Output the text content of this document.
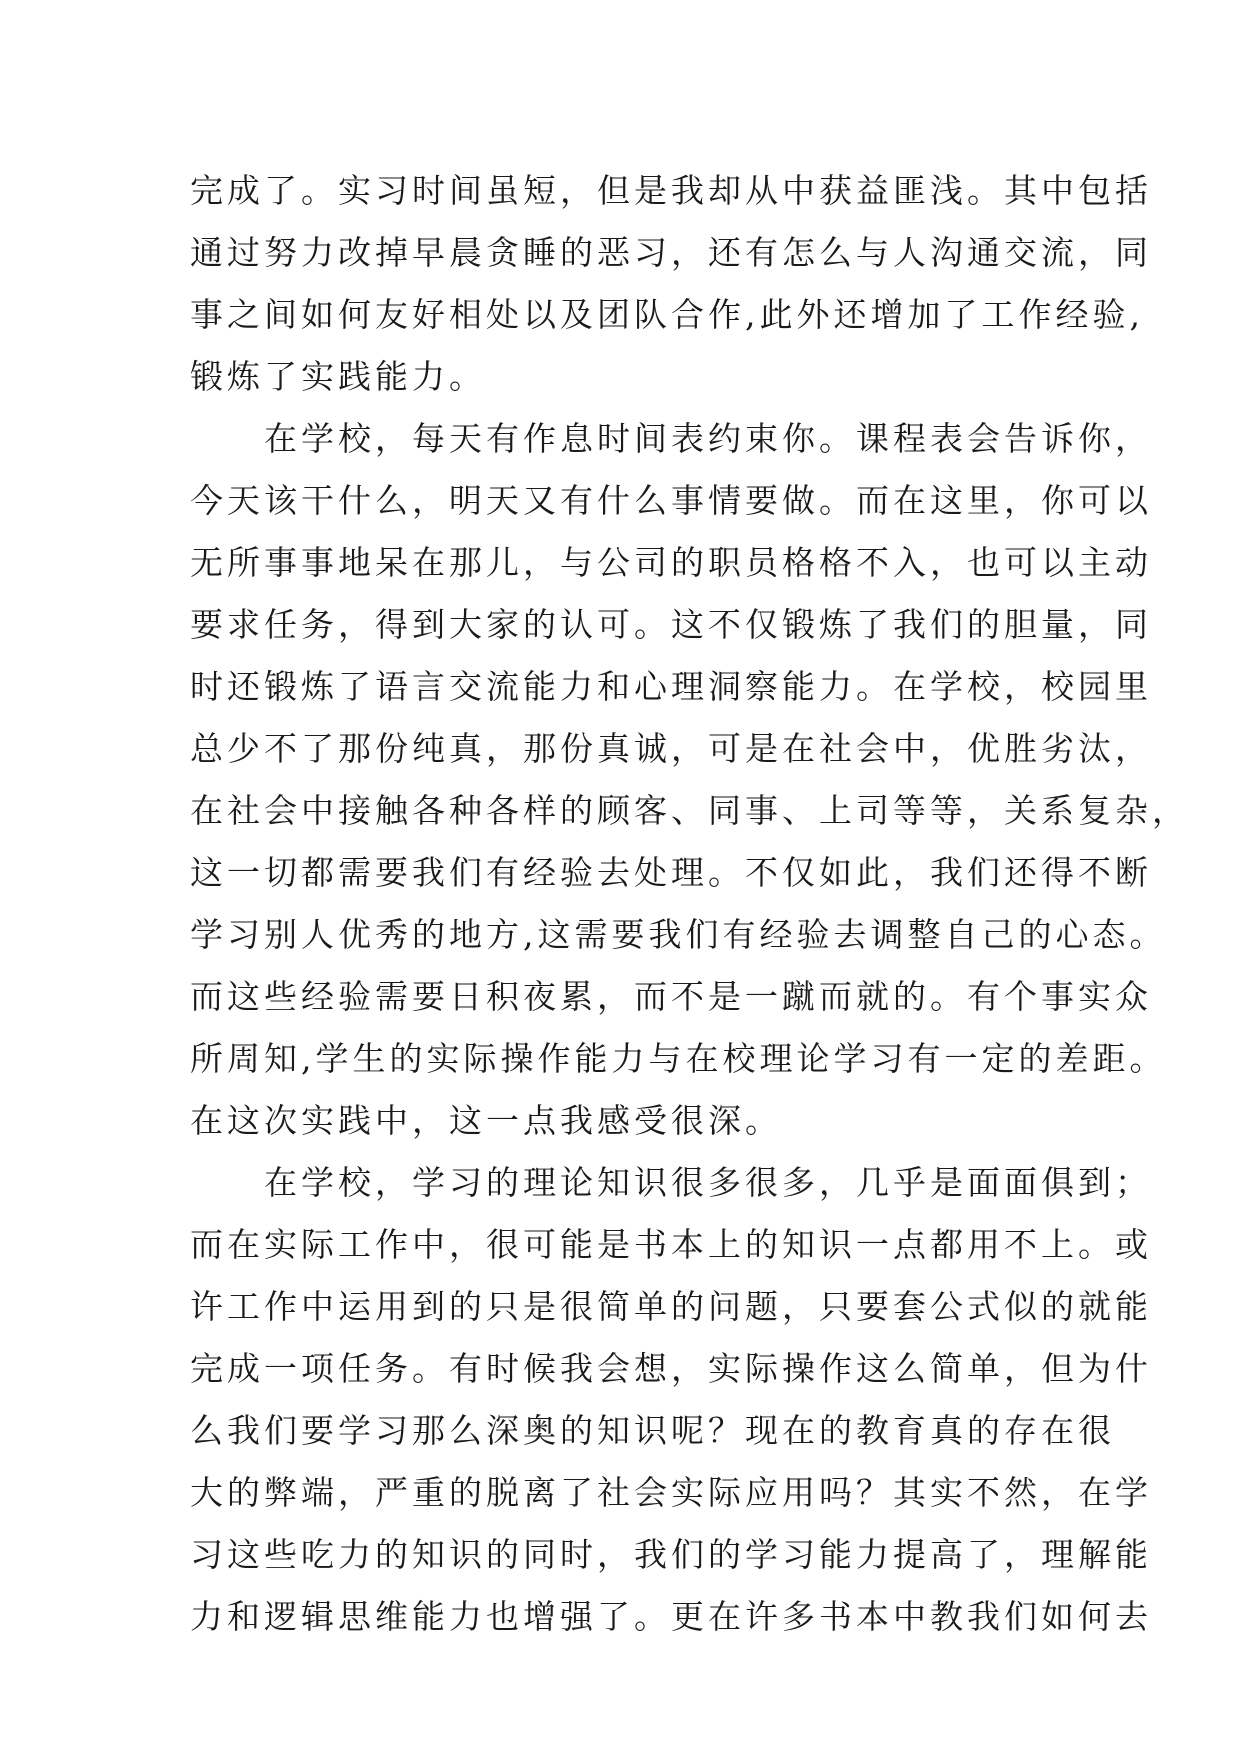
完成了。实习时间虽短，但是我却从中获益匪浅。其中包括
通过努力改掉早晨贪睡的恶习，还有怎么与人沟通交流，同
事之间如何友好相处以及团队合作,此外还增加了工作经验,
锻炼了实践能力。
　　在学校，每天有作息时间表约束你。课程表会告诉你，
今天该干什么，明天又有什么事情要做。而在这里，你可以
无所事事地呆在那儿，与公司的职员格格不入，也可以主动
要求任务，得到大家的认可。这不仅锻炼了我们的胆量，同
时还锻炼了语言交流能力和心理洞察能力。在学校，校园里
总少不了那份纯真，那份真诚，可是在社会中，优胜劣汰，
在社会中接触各种各样的顾客、同事、上司等等，关系复杂，
这一切都需要我们有经验去处理。不仅如此，我们还得不断
学习别人优秀的地方,这需要我们有经验去调整自己的心态。
而这些经验需要日积夜累，而不是一蹴而就的。有个事实众
所周知,学生的实际操作能力与在校理论学习有一定的差距。
在这次实践中，这一点我感受很深。
　　在学校，学习的理论知识很多很多，几乎是面面俱到；
而在实际工作中，很可能是书本上的知识一点都用不上。或
许工作中运用到的只是很简单的问题，只要套公式似的就能
完成一项任务。有时候我会想，实际操作这么简单，但为什
么我们要学习那么深奥的知识呢？现在的教育真的存在很
大的弊端，严重的脱离了社会实际应用吗？其实不然，在学
习这些吃力的知识的同时，我们的学习能力提高了，理解能
力和逻辑思维能力也增强了。更在许多书本中教我们如何去
